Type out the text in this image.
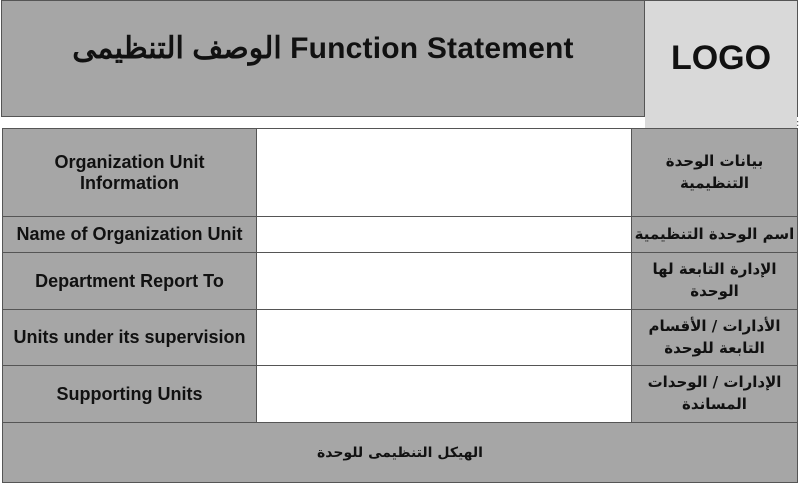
الوصف التنظيمى Function Statement	LOGO
:
Organization Unit Information		بيانات الوحدة التنظيمية
Name of Organization Unit		اسم الوحدة التنظيمية
Department Report To		الإدارة التابعة لها الوحدة
Units under its supervision		الأدارات / الأقسام التابعة للوحدة
Supporting Units		الإدارات / الوحدات المساندة
الهيكل التنظيمى للوحدة		
